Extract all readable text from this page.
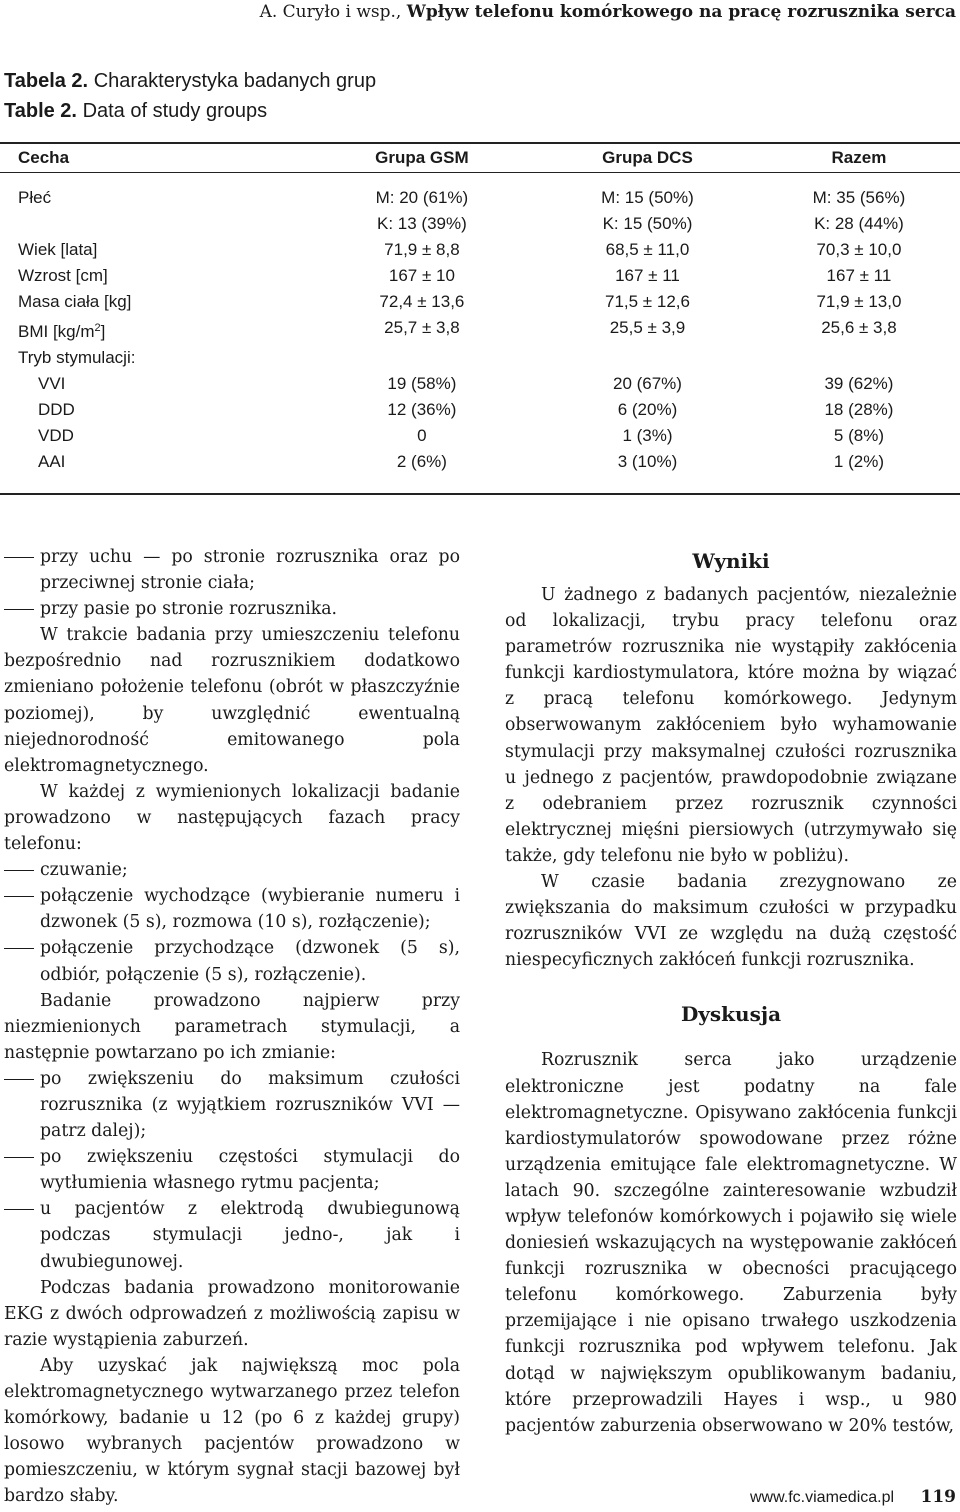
A. Curyło i wsp., Wpływ telefonu komórkowego na pracę rozrusznika serca
Tabela 2. Charakterystyka badanych grup
Table 2. Data of study groups
Cecha	Grupa GSM	Grupa DCS	Razem
Płeć	M: 20 (61%)	M: 15 (50%)	M: 35 (56%)
	K: 13 (39%)	K: 15 (50%)	K: 28 (44%)
Wiek [lata]	71,9 ± 8,8	68,5 ± 11,0	70,3 ± 10,0
Wzrost [cm]	167 ± 10	167 ± 11	167 ± 11
Masa ciała [kg]	72,4 ± 13,6	71,5 ± 12,6	71,9 ± 13,0
BMI $[kg/m^2]$	25,7 ± 3,8	25,5 ± 3,9	25,6 ± 3,8
Tryb stymulacji:			
VVI	19 (58%)	20 (67%)	39 (62%)
DDD	12 (36%)	6 (20%)	18 (28%)
VDD	0	1 (3%)	5 (8%)
AAI	2 (6%)	3 (10%)	1 (2%)
przy uchu — po stronie rozrusznika oraz po przeciwnej stronie ciała;
przy pasie po stronie rozrusznika.

W trakcie badania przy umieszczeniu telefonu bezpośrednio nad rozrusznikiem dodatkowo zmieniano położenie telefonu (obrót w płaszczyźnie poziomej), by uwzględnić ewentualną niejednorodność emitowanego pola elektromagnetycznego.

W każdej z wymienionych lokalizacji badanie prowadzono w następujących fazach pracy telefonu:

czuwanie;
połączenie wychodzące (wybieranie numeru i dzwonek (5 s), rozmowa (10 s), rozłączenie);
połączenie przychodzące (dzwonek (5 s), odbiór, połączenie (5 s), rozłączenie).

Badanie prowadzono najpierw przy niezmienionych parametrach stymulacji, a następnie powtarzano po ich zmianie:

po zwiększeniu do maksimum czułości rozrusznika (z wyjątkiem rozruszników VVI — patrz dalej);
po zwiększeniu częstości stymulacji do wytłumienia własnego rytmu pacjenta;
u pacjentów z elektrodą dwubiegunową podczas stymulacji jedno-, jak i dwubiegunowej.

Podczas badania prowadzono monitorowanie EKG z dwóch odprowadzeń z możliwością zapisu w razie wystąpienia zaburzeń.

Aby uzyskać jak największą moc pola elektromagnetycznego wytwarzanego przez telefon komórkowy, badanie u 12 (po 6 z każdej grupy) losowo wybranych pacjentów prowadzono w pomieszczeniu, w którym sygnał stacji bazowej był bardzo słaby.

Wyniki

U żadnego z badanych pacjentów, niezależnie od lokalizacji, trybu pracy telefonu oraz parametrów rozrusznika nie wystąpiły zakłócenia funkcji kardiostymulatora, które można by wiązać z pracą telefonu komórkowego. Jedynym obserwowanym zakłóceniem było wyhamowanie stymulacji przy maksymalnej czułości rozrusznika u jednego z pacjentów, prawdopodobnie związane z odebraniem przez rozrusznik czynności elektrycznej mięśni piersiowych (utrzymywało się także, gdy telefonu nie było w pobliżu).

W czasie badania zrezygnowano ze zwiększania do maksimum czułości w przypadku rozruszników VVI ze względu na dużą częstość niespecyficznych zakłóceń funkcji rozrusznika.

Dyskusja

Rozrusznik serca jako urządzenie elektroniczne jest podatny na fale elektromagnetyczne. Opisywano zakłócenia funkcji kardiostymulatorów spowodowane przez różne urządzenia emitujące fale elektromagnetyczne. W latach 90. szczególne zainteresowanie wzbudził wpływ telefonów komórkowych i pojawiło się wiele doniesień wskazujących na występowanie zakłóceń funkcji rozrusznika w obecności pracującego telefonu komórkowego. Zaburzenia były przemijające i nie opisano trwałego uszkodzenia funkcji rozrusznika pod wpływem telefonu. Jak dotąd w największym opublikowanym badaniu, które przeprowadzili Hayes i wsp., u 980 pacjentów zaburzenia obserwowano w 20% testów,

www.fc.viamedica.pl 119
